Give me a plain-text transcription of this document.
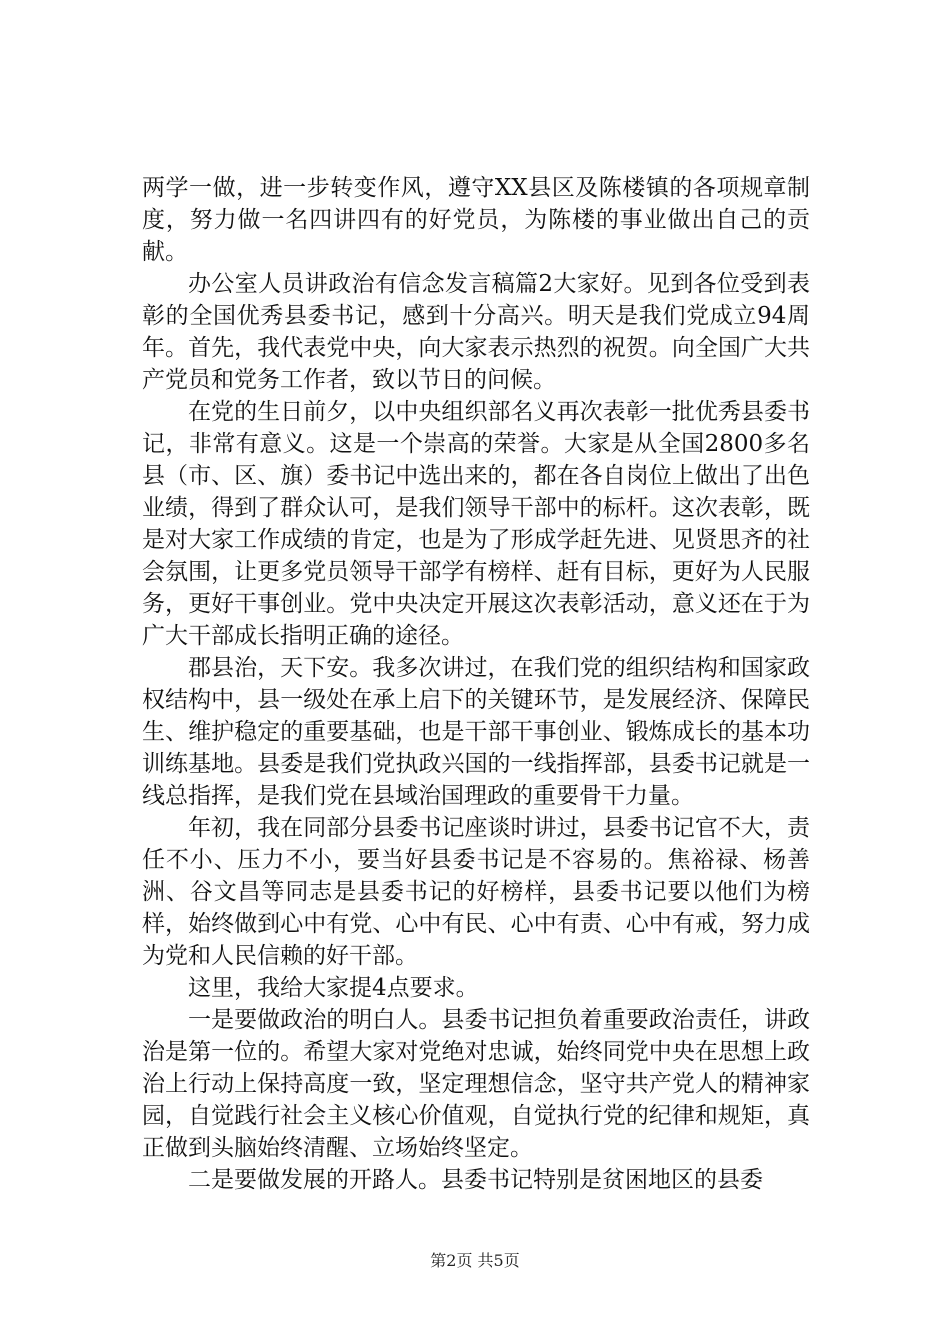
两学一做，进一步转变作风，遵守XX县区及陈楼镇的各项规章制度，努力做一名四讲四有的好党员，为陈楼的事业做出自己的贡献。

办公室人员讲政治有信念发言稿篇2大家好。见到各位受到表彰的全国优秀县委书记，感到十分高兴。明天是我们党成立94周年。首先，我代表党中央，向大家表示热烈的祝贺。向全国广大共产党员和党务工作者，致以节日的问候。

在党的生日前夕，以中央组织部名义再次表彰一批优秀县委书记，非常有意义。这是一个崇高的荣誉。大家是从全国2800多名县（市、区、旗）委书记中选出来的，都在各自岗位上做出了出色业绩，得到了群众认可，是我们领导干部中的标杆。这次表彰，既是对大家工作成绩的肯定，也是为了形成学赶先进、见贤思齐的社会氛围，让更多党员领导干部学有榜样、赶有目标，更好为人民服务，更好干事创业。党中央决定开展这次表彰活动，意义还在于为广大干部成长指明正确的途径。

郡县治，天下安。我多次讲过，在我们党的组织结构和国家政权结构中，县一级处在承上启下的关键环节，是发展经济、保障民生、维护稳定的重要基础，也是干部干事创业、锻炼成长的基本功训练基地。县委是我们党执政兴国的一线指挥部，县委书记就是一线总指挥，是我们党在县域治国理政的重要骨干力量。

年初，我在同部分县委书记座谈时讲过，县委书记官不大，责任不小、压力不小，要当好县委书记是不容易的。焦裕禄、杨善洲、谷文昌等同志是县委书记的好榜样，县委书记要以他们为榜样，始终做到心中有党、心中有民、心中有责、心中有戒，努力成为党和人民信赖的好干部。

这里，我给大家提4点要求。

一是要做政治的明白人。县委书记担负着重要政治责任，讲政治是第一位的。希望大家对党绝对忠诚，始终同党中央在思想上政治上行动上保持高度一致，坚定理想信念，坚守共产党人的精神家园，自觉践行社会主义核心价值观，自觉执行党的纪律和规矩，真正做到头脑始终清醒、立场始终坚定。

二是要做发展的开路人。县委书记特别是贫困地区的县委

第2页 共5页
